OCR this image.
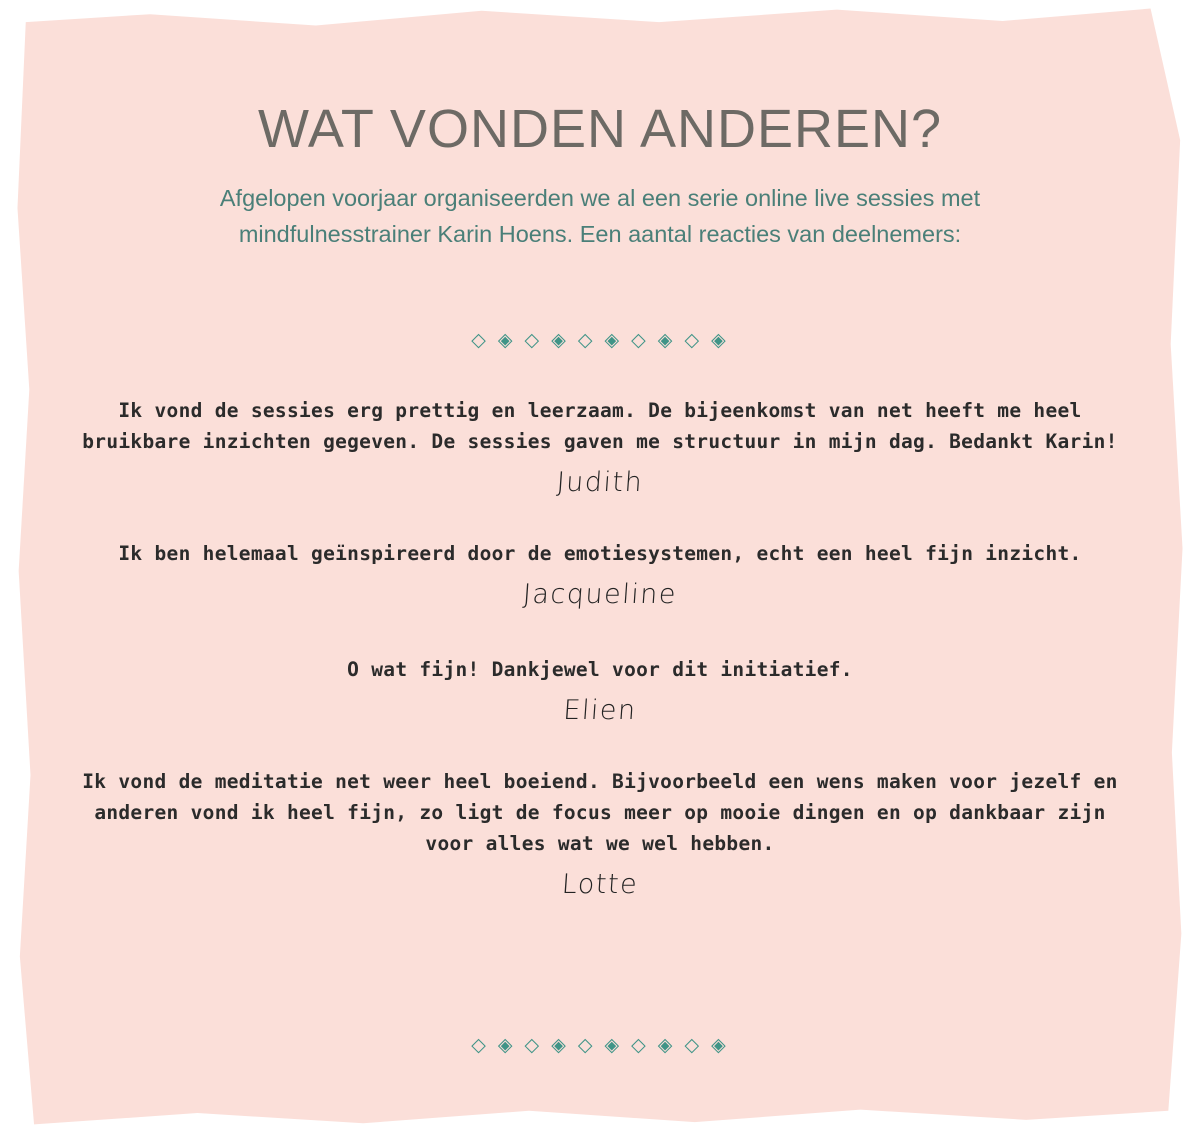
WAT VONDEN ANDEREN?
Afgelopen voorjaar organiseerden we al een serie online live sessies met mindfulnesstrainer Karin Hoens. Een aantal reacties van deelnemers:
◇ ◈ ◇ ◈ ◇ ◈ ◇ ◈ ◇ ◈
Ik vond de sessies erg prettig en leerzaam. De bijeenkomst van net heeft me heel bruikbare inzichten gegeven. De sessies gaven me structuur in mijn dag. Bedankt Karin!
Judith
Ik ben helemaal geïnspireerd door de emotiesystemen, echt een heel fijn inzicht.
Jacqueline
O wat fijn! Dankjewel voor dit initiatief.
Elien
Ik vond de meditatie net weer heel boeiend. Bijvoorbeeld een wens maken voor jezelf en anderen vond ik heel fijn, zo ligt de focus meer op mooie dingen en op dankbaar zijn voor alles wat we wel hebben.
Lotte
◇ ◈ ◇ ◈ ◇ ◈ ◇ ◈ ◇ ◈
